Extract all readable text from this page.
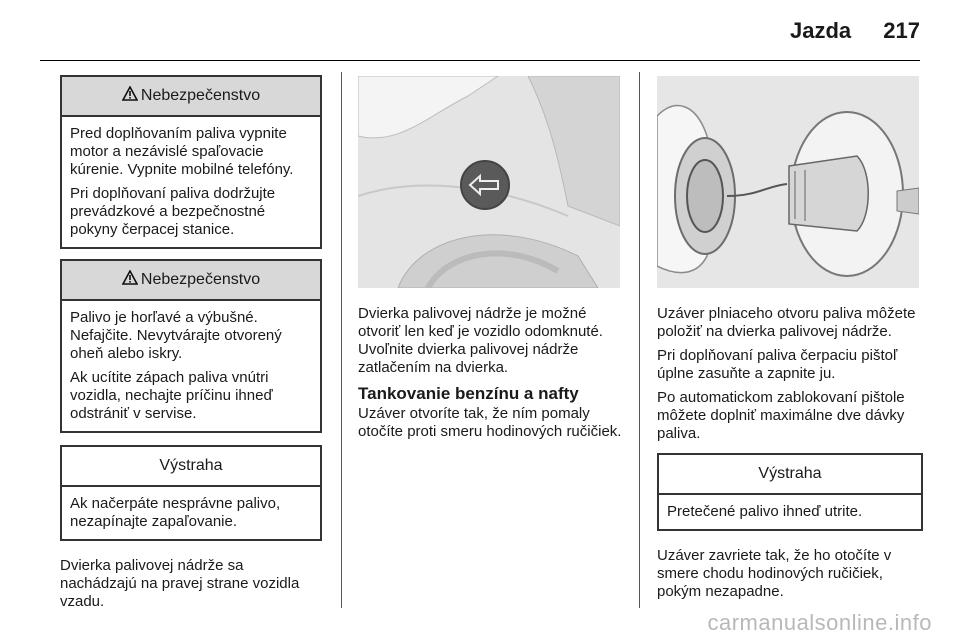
Jazda 217
Nebezpečenstvo

Pred doplňovaním paliva vypnite motor a nezávislé spaľovacie kúrenie. Vypnite mobilné telefóny.

Pri doplňovaní paliva dodržujte prevádzkové a bezpečnostné pokyny čerpacej stanice.

Nebezpečenstvo

Palivo je horľavé a výbušné. Nefajčite. Nevytvárajte otvorený oheň alebo iskry.

Ak ucítite zápach paliva vnútri vozidla, nechajte príčinu ihneď odstrániť v servise.

Výstraha

Ak načerpáte nesprávne palivo, nezapínajte zapaľovanie.

Dvierka palivovej nádrže sa nachádzajú na pravej strane vozidla vzadu.

Dvierka palivovej nádrže je možné otvoriť len keď je vozidlo odomknuté. Uvoľnite dvierka palivovej nádrže zatlačením na dvierka.

Tankovanie benzínu a nafty

Uzáver otvoríte tak, že ním pomaly otočíte proti smeru hodinových ručičiek.

Uzáver plniaceho otvoru paliva môžete položiť na dvierka palivovej nádrže.

Pri doplňovaní paliva čerpaciu pištoľ úplne zasuňte a zapnite ju.

Po automatickom zablokovaní pištole môžete doplniť maximálne dve dávky paliva.

Výstraha

Pretečené palivo ihneď utrite.

Uzáver zavriete tak, že ho otočíte v smere chodu hodinových ručičiek, pokým nezapadne.

carmanualsonline.info
